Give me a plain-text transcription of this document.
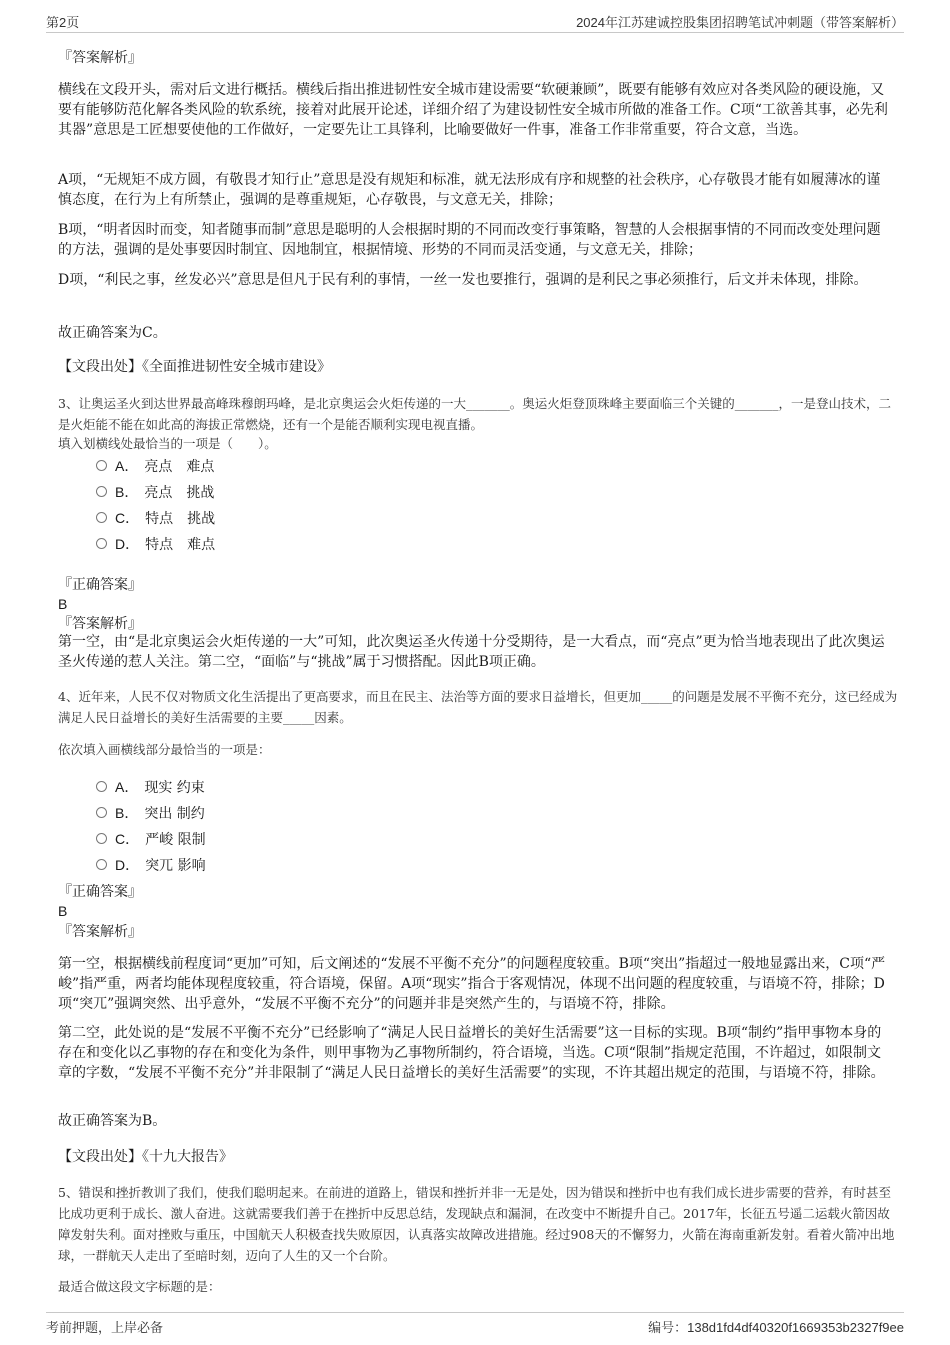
第2页	2024年江苏建诚控股集团招聘笔试冲刺题（带答案解析）

『答案解析』

横线在文段开头，需对后文进行概括。横线后指出推进韧性安全城市建设需要“软硬兼顾”，既要有能够有效应对各类风险的硬设施，又要有能够防范化解各类风险的软系统，接着对此展开论述，详细介绍了为建设韧性安全城市所做的准备工作。C项“工欲善其事，必先利其器”意思是工匠想要使他的工作做好，一定要先让工具锋利，比喻要做好一件事，准备工作非常重要，符合文意，当选。

A项，“无规矩不成方圆，有敬畏才知行止”意思是没有规矩和标准，就无法形成有序和规整的社会秩序，心存敬畏才能有如履薄冰的谨慎态度，在行为上有所禁止，强调的是尊重规矩，心存敬畏，与文意无关，排除；

B项，“明者因时而变，知者随事而制”意思是聪明的人会根据时期的不同而改变行事策略，智慧的人会根据事情的不同而改变处理问题的方法，强调的是处事要因时制宜、因地制宜，根据情境、形势的不同而灵活变通，与文意无关，排除；

D项，“利民之事，丝发必兴”意思是但凡于民有利的事情，一丝一发也要推行，强调的是利民之事必须推行，后文并未体现，排除。

故正确答案为C。

【文段出处】《全面推进韧性安全城市建设》

3、让奥运圣火到达世界最高峰珠穆朗玛峰，是北京奥运会火炬传递的一大_______。奥运火炬登顶珠峰主要面临三个关键的_______，一是登山技术，二是火炬能不能在如此高的海拔正常燃烧，还有一个是能否顺利实现电视直播。

填入划横线处最恰当的一项是（　　）。

A． 亮点　难点
B． 亮点　挑战
C． 特点　挑战
D． 特点　难点

『正确答案』

B

『答案解析』

第一空，由“是北京奥运会火炬传递的一大”可知，此次奥运圣火传递十分受期待，是一大看点，而“亮点”更为恰当地表现出了此次奥运圣火传递的惹人关注。第二空，“面临”与“挑战”属于习惯搭配。因此B项正确。

4、近年来，人民不仅对物质文化生活提出了更高要求，而且在民主、法治等方面的要求日益增长，但更加_____的问题是发展不平衡不充分，这已经成为满足人民日益增长的美好生活需要的主要_____因素。

依次填入画横线部分最恰当的一项是：

A． 现实 约束
B． 突出 制约
C． 严峻 限制
D． 突兀 影响

『正确答案』

B

『答案解析』

第一空，根据横线前程度词“更加”可知，后文阐述的“发展不平衡不充分”的问题程度较重。B项“突出”指超过一般地显露出来，C项“严峻”指严重，两者均能体现程度较重，符合语境，保留。A项“现实”指合于客观情况，体现不出问题的程度较重，与语境不符，排除；D项“突兀”强调突然、出乎意外，“发展不平衡不充分”的问题并非是突然产生的，与语境不符，排除。

第二空，此处说的是“发展不平衡不充分”已经影响了“满足人民日益增长的美好生活需要”这一目标的实现。B项“制约”指甲事物本身的存在和变化以乙事物的存在和变化为条件，则甲事物为乙事物所制约，符合语境，当选。C项“限制”指规定范围，不许超过，如限制文章的字数，“发展不平衡不充分”并非限制了“满足人民日益增长的美好生活需要”的实现，不许其超出规定的范围，与语境不符，排除。

故正确答案为B。

【文段出处】《十九大报告》

5、错误和挫折教训了我们，使我们聪明起来。在前进的道路上，错误和挫折并非一无是处，因为错误和挫折中也有我们成长进步需要的营养，有时甚至比成功更利于成长、激人奋进。这就需要我们善于在挫折中反思总结，发现缺点和漏洞，在改变中不断提升自己。2017年，长征五号遥二运载火箭因故障发射失利。面对挫败与重压，中国航天人积极查找失败原因，认真落实故障改进措施。经过908天的不懈努力，火箭在海南重新发射。看着火箭冲出地球，一群航天人走出了至暗时刻，迈向了人生的又一个台阶。

最适合做这段文字标题的是：

考前押题，上岸必备	编号：138d1fd4df40320f1669353b2327f9ee
